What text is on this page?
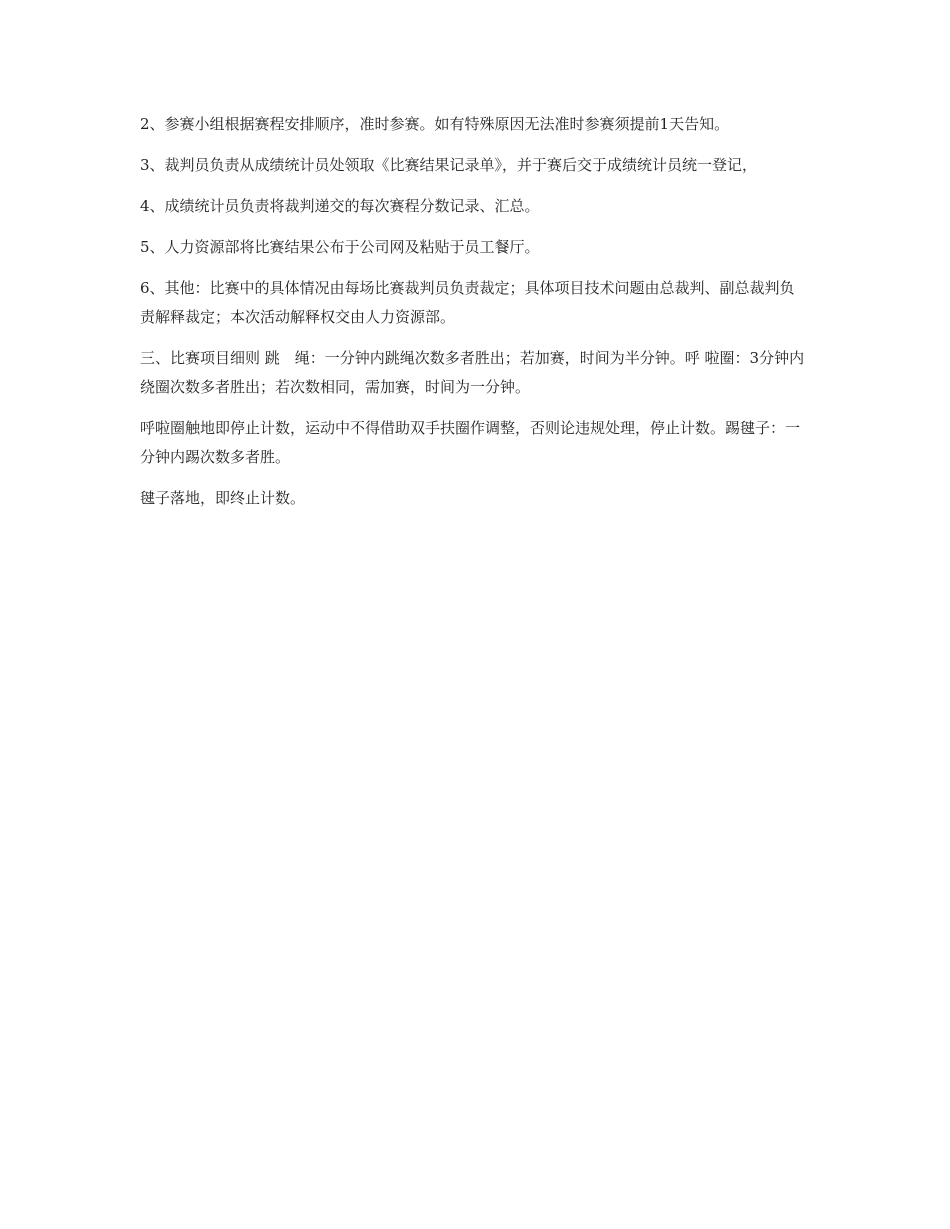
2、参赛小组根据赛程安排顺序，准时参赛。如有特殊原因无法准时参赛须提前1天告知。

3、裁判员负责从成绩统计员处领取《比赛结果记录单》，并于赛后交于成绩统计员统一登记，

4、成绩统计员负责将裁判递交的每次赛程分数记录、汇总。

5、人力资源部将比赛结果公布于公司网及粘贴于员工餐厅。

6、其他：比赛中的具体情况由每场比赛裁判员负责裁定；具体项目技术问题由总裁判、副总裁判负责解释裁定；本次活动解释权交由人力资源部。

三、比赛项目细则 跳　绳：一分钟内跳绳次数多者胜出；若加赛，时间为半分钟。呼 啦圈：3分钟内绕圈次数多者胜出；若次数相同，需加赛，时间为一分钟。

呼啦圈触地即停止计数，运动中不得借助双手扶圈作调整，否则论违规处理，停止计数。踢毽子：一分钟内踢次数多者胜。

毽子落地，即终止计数。
